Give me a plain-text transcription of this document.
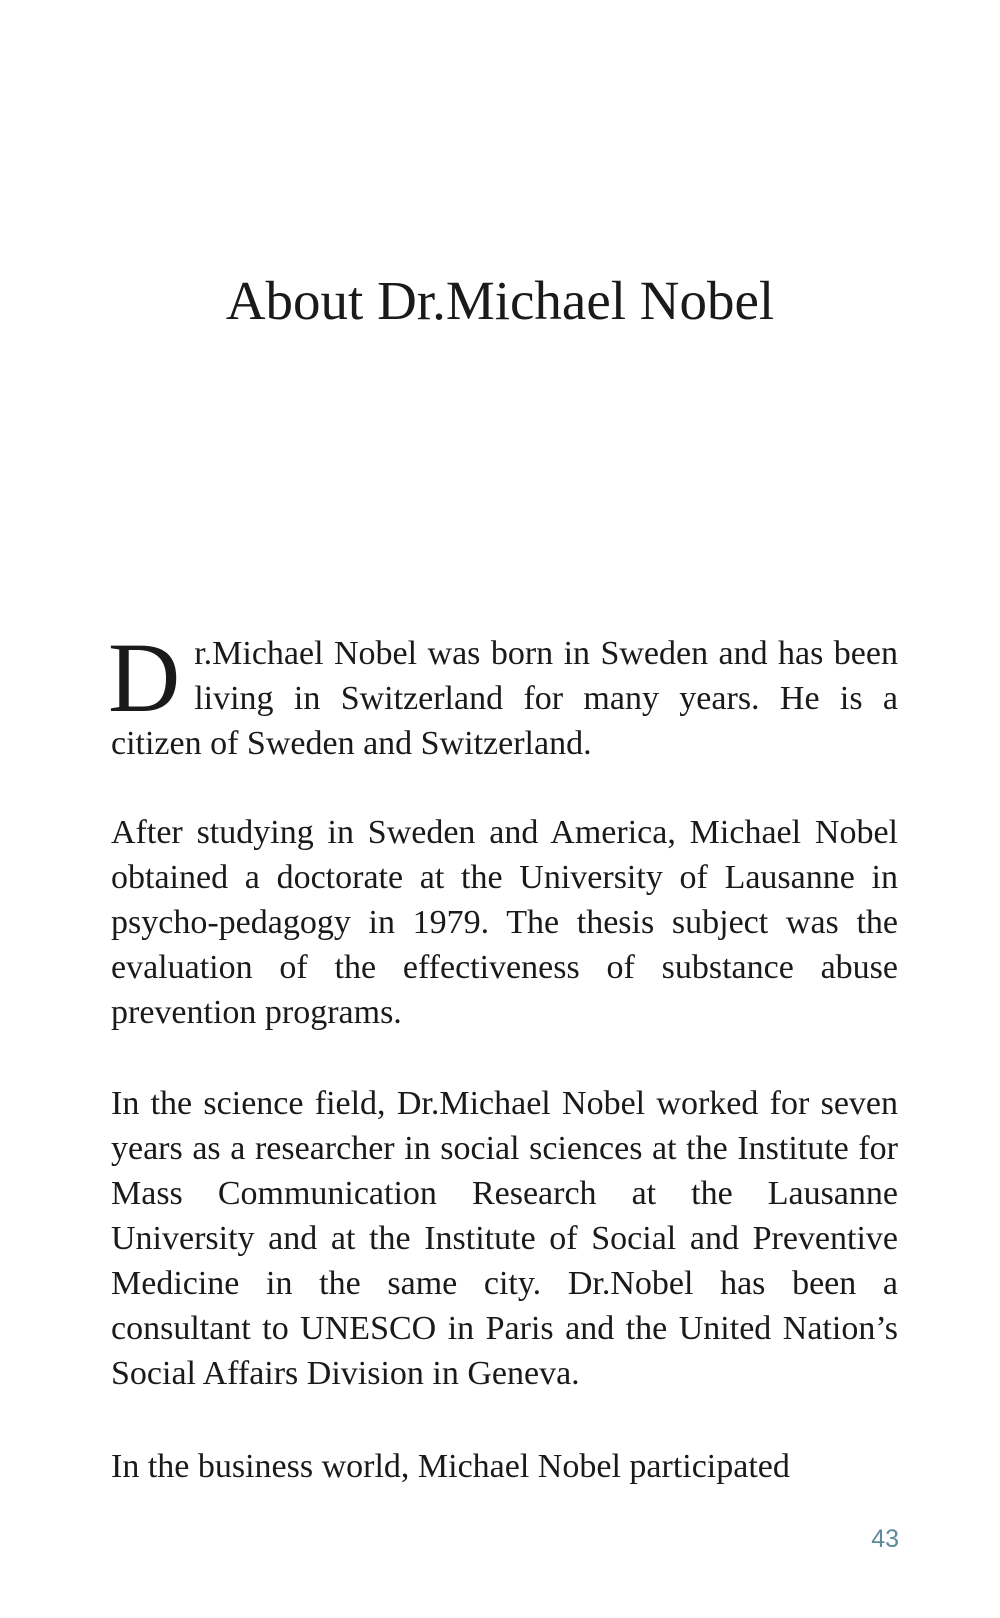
About Dr.Michael Nobel

Dr.Michael Nobel was born in Sweden and has been living in Switzerland for many years. He is a citizen of Sweden and Switzerland.

After studying in Sweden and America, Michael Nobel obtained a doctorate at the University of Lausanne in psycho-pedagogy in 1979. The thesis subject was the evaluation of the effectiveness of substance abuse prevention programs.

In the science field, Dr.Michael Nobel worked for seven years as a researcher in social sciences at the Institute for Mass Communication Research at the Lausanne University and at the Institute of Social and Preventive Medicine in the same city. Dr.Nobel has been a consultant to UNESCO in Paris and the United Nation’s Social Affairs Division in Geneva.

In the business world, Michael Nobel participated

43
